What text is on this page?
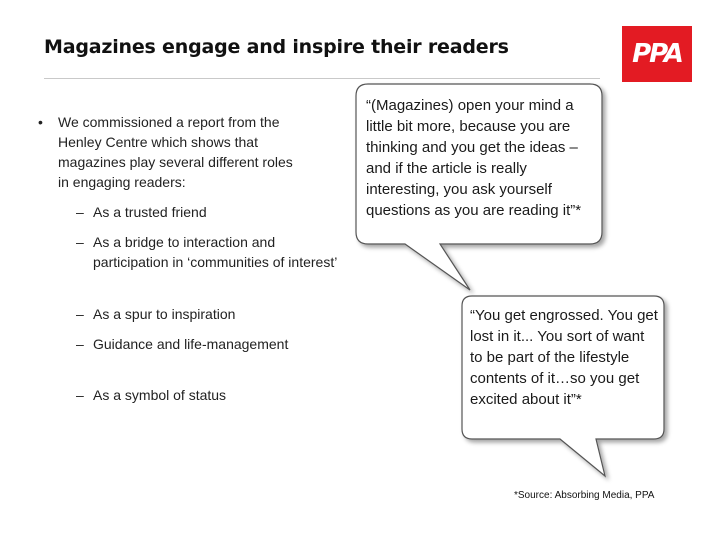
Magazines engage and inspire their readers	PPA
• We commissioned a report from the Henley Centre which shows that magazines play several different roles in engaging readers:
– As a trusted friend
– As a bridge to interaction and participation in ‘communities of interest’
– As a spur to inspiration
– Guidance and life-management
– As a symbol of status
“(Magazines) open your mind a little bit more, because you are thinking and you get the ideas – and if the article is really interesting, you ask yourself questions as you are reading it”*
“You get engrossed. You get lost in it... You sort of want to be part of the lifestyle contents of it…so you get excited about it”*
*Source: Absorbing Media, PPA
